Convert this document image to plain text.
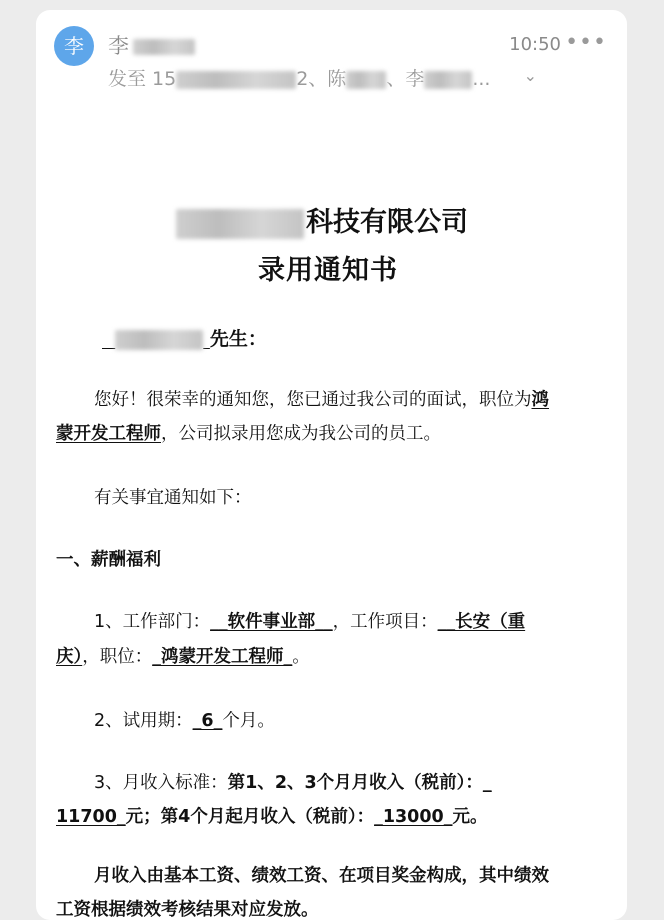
李	李	10:50 •••
发至 15	2、陈 、李	... ⌄
科技有限公司
录用通知书
先生：
您好！很荣幸的通知您，您已通过我公司的面试，职位为鸿
蒙开发工程师，公司拟录用您成为我公司的员工。
有关事宜通知如下：
一、薪酬福利
1、工作部门：__软件事业部__，工作项目：__长安（重
庆），职位：_鸿蒙开发工程师_。
2、试用期：_6_个月。
3、月收入标准：第1、2、3个月月收入（税前）：_
11700_元；第4个月起月收入（税前）：_13000_元。
月收入由基本工资、绩效工资、在项目奖金构成，其中绩效
工资根据绩效考核结果对应发放。
